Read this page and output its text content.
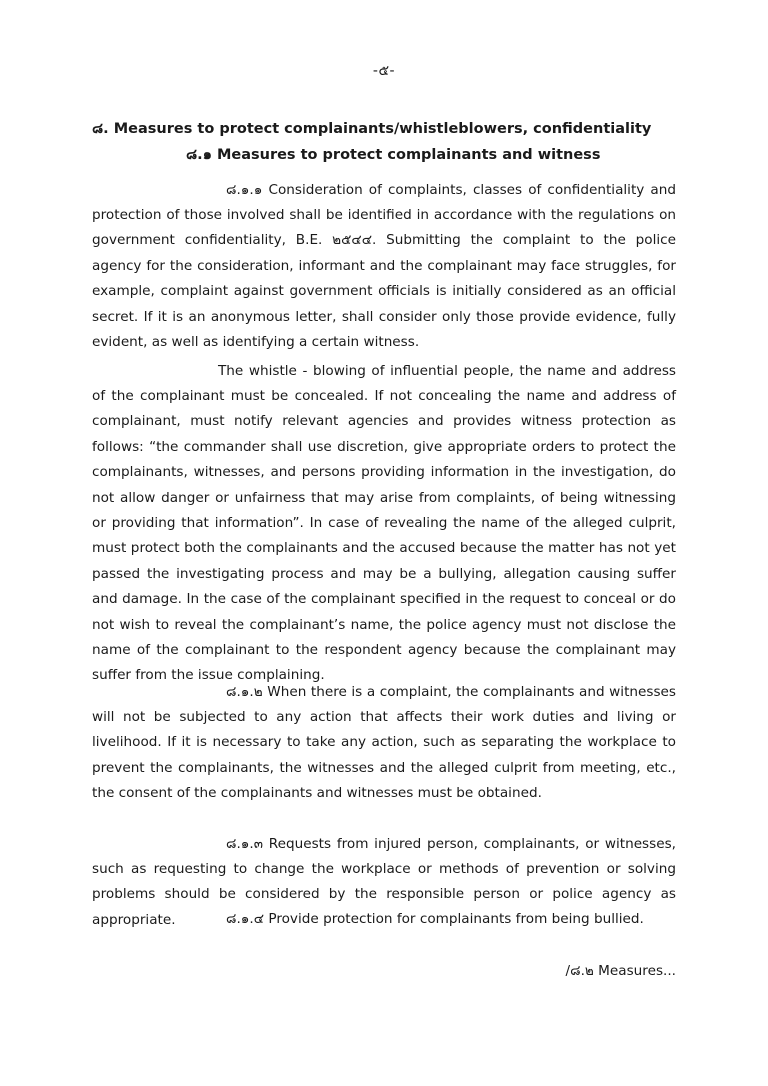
-๕-
๘. Measures to protect complainants/whistleblowers, confidentiality
๘.๑ Measures to protect complainants and witness

๘.๑.๑ Consideration of complaints, classes of confidentiality and protection of those involved shall be identified in accordance with the regulations on government confidentiality, B.E. ๒๕๔๔. Submitting the complaint to the police agency for the consideration, informant and the complainant may face struggles, for example, complaint against government officials is initially considered as an official secret. If it is an anonymous letter, shall consider only those provide evidence, fully evident, as well as identifying a certain witness.

The whistle - blowing of influential people, the name and address of the complainant must be concealed. If not concealing the name and address of complainant, must notify relevant agencies and provides witness protection as follows: “the commander shall use discretion, give appropriate orders to protect the complainants, witnesses, and persons providing information in the investigation, do not allow danger or unfairness that may arise from complaints, of being witnessing or providing that information”. In case of revealing the name of the alleged culprit, must protect both the complainants and the accused because the matter has not yet passed the investigating process and may be a bullying, allegation causing suffer and damage. In the case of the complainant specified in the request to conceal or do not wish to reveal the complainant’s name, the police agency must not disclose the name of the complainant to the respondent agency because the complainant may suffer from the issue complaining.

๘.๑.๒ When there is a complaint, the complainants and witnesses will not be subjected to any action that affects their work duties and living or livelihood. If it is necessary to take any action, such as separating the workplace to prevent the complainants, the witnesses and the alleged culprit from meeting, etc., the consent of the complainants and witnesses must be obtained.

๘.๑.๓ Requests from injured person, complainants, or witnesses, such as requesting to change the workplace or methods of prevention or solving problems should be considered by the responsible person or police agency as appropriate.	๘.๑.๔ Provide protection for complainants from being bullied.

/๘.๒ Measures...
